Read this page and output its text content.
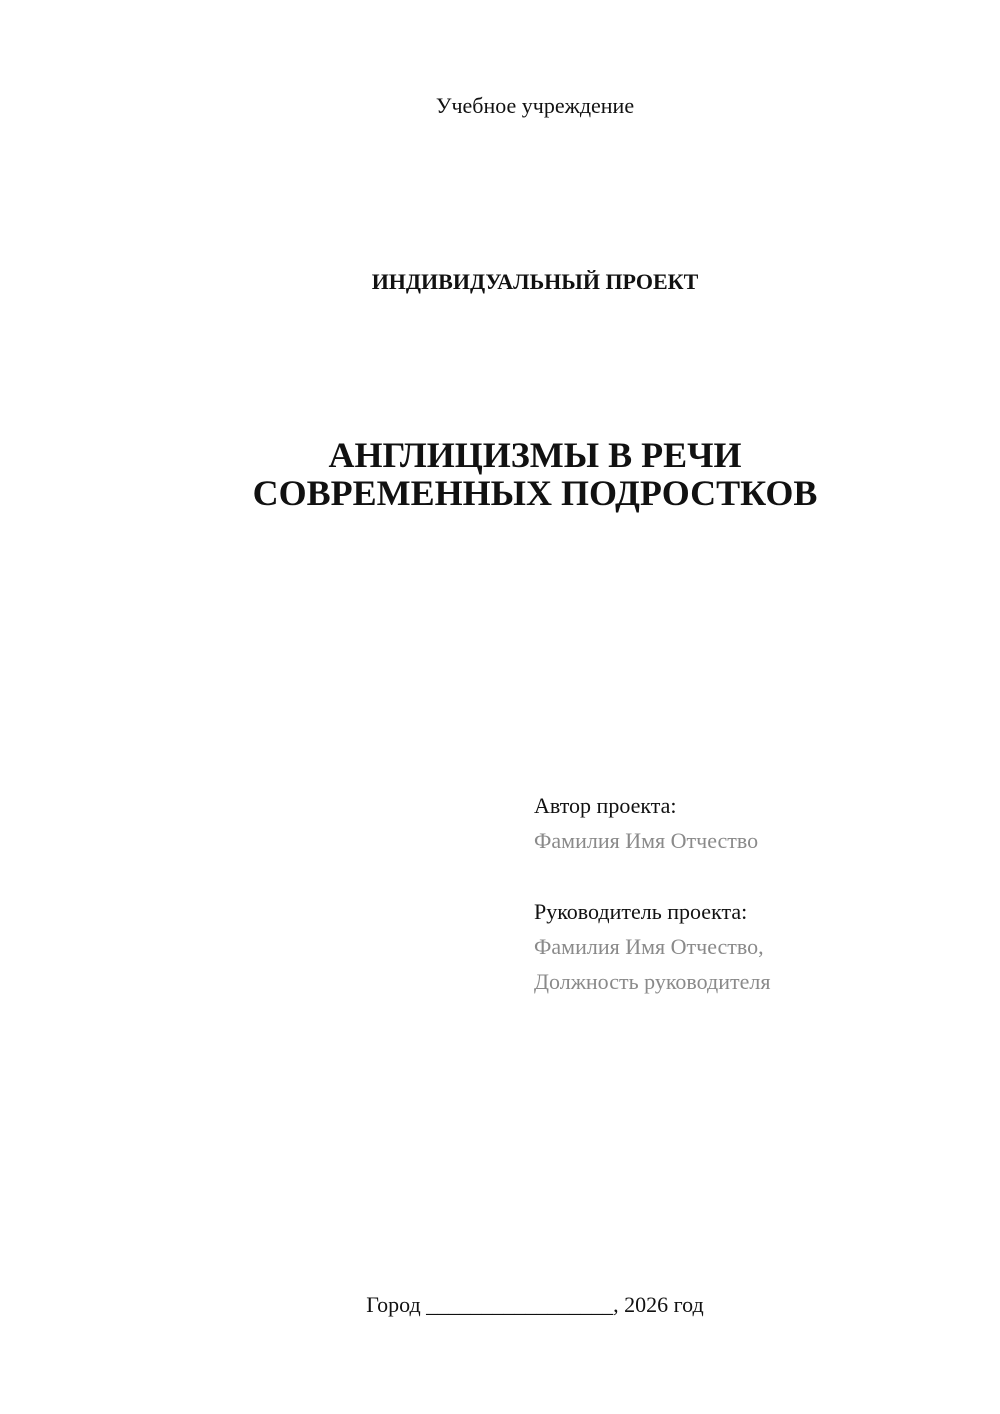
Учебное учреждение
ИНДИВИДУАЛЬНЫЙ ПРОЕКТ
АНГЛИЦИЗМЫ В РЕЧИ
СОВРЕМЕННЫХ ПОДРОСТКОВ
Автор проекта:
Фамилия Имя Отчество
Руководитель проекта:
Фамилия Имя Отчество,
Должность руководителя
Город _________________, 2026 год
